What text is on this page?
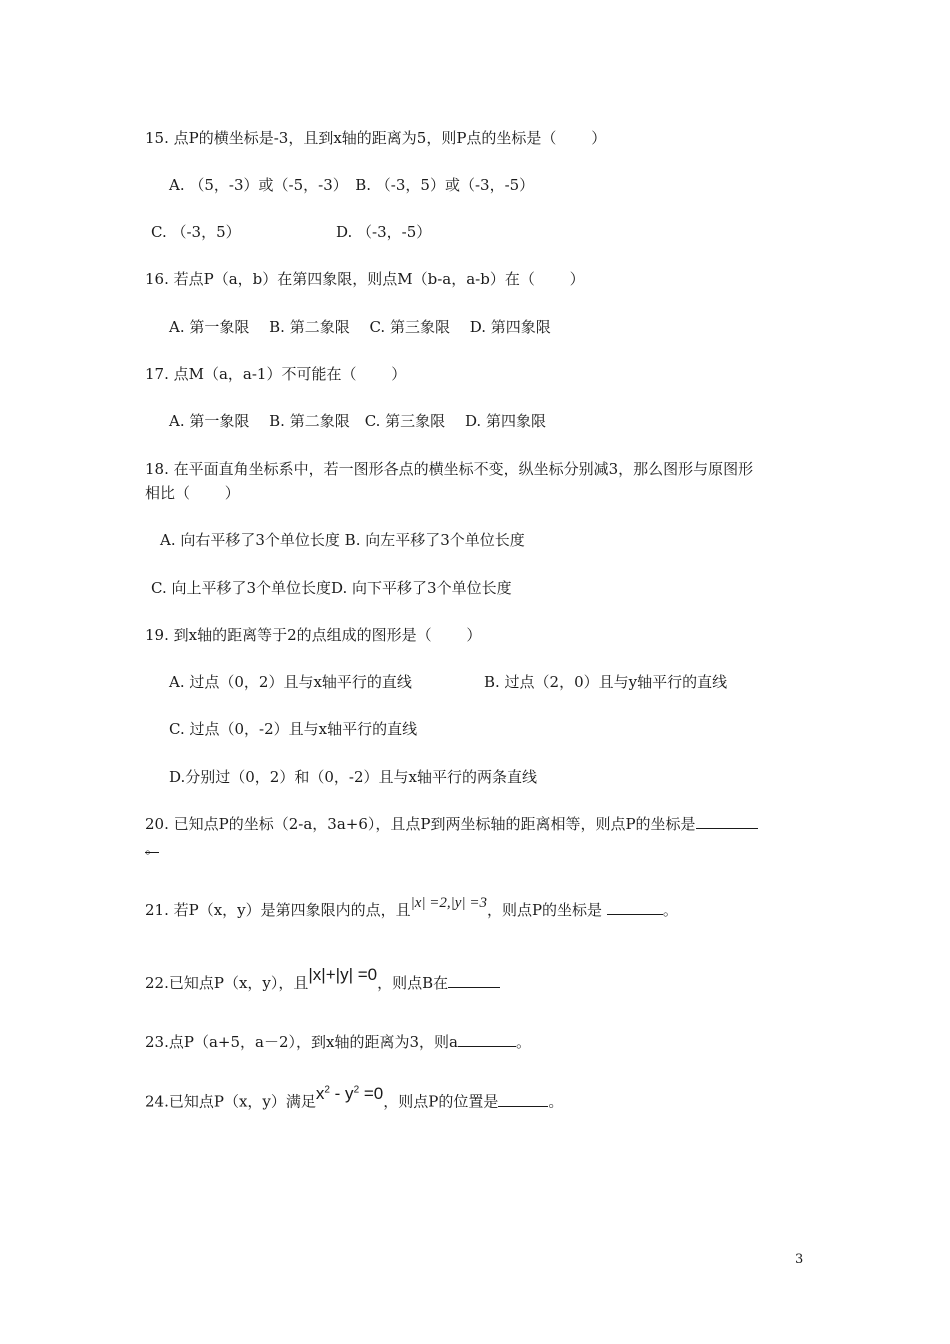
15. 点P的横坐标是-3，且到x轴的距离为5，则P点的坐标是（　　 ）
A. （5，-3）或（-5，-3）　B. （-3，5）或（-3，-5）
C. （-3，5）	D. （-3，-5）
16. 若点P（a，b）在第四象限，则点M（b-a，a-b）在（　　 ）
A. 第一象限　 B. 第二象限　 C. 第三象限　 D. 第四象限
17. 点M（a，a-1）不可能在（　　 ）
A. 第一象限　 B. 第二象限　C. 第三象限　 D. 第四象限
18. 在平面直角坐标系中，若一图形各点的横坐标不变，纵坐标分别减3，那么图形与原图形
相比（　　 ）
A. 向右平移了3个单位长度 B. 向左平移了3个单位长度
C. 向上平移了3个单位长度D. 向下平移了3个单位长度
19. 到x轴的距离等于2的点组成的图形是（　　 ）
A. 过点（0，2）且与x轴平行的直线	B. 过点（2，0）且与y轴平行的直线
C. 过点（0，-2）且与x轴平行的直线
D.分别过（0，2）和（0，-2）且与x轴平行的两条直线
20. 已知点P的坐标（2-a，3a+6），且点P到两坐标轴的距离相等，则点P的坐标是
。
21. 若P（x，y）是第四象限内的点，且|x| =2,|y| =3，则点P的坐标是	。
22.已知点P（x，y），且|x|+|y| =0，则点B在
23.点P（a+5，a－2），到x轴的距离为3，则a	。
24.已知点P（x，y）满足$x^2 - y^2 =0$，则点P的位置是	。
3
